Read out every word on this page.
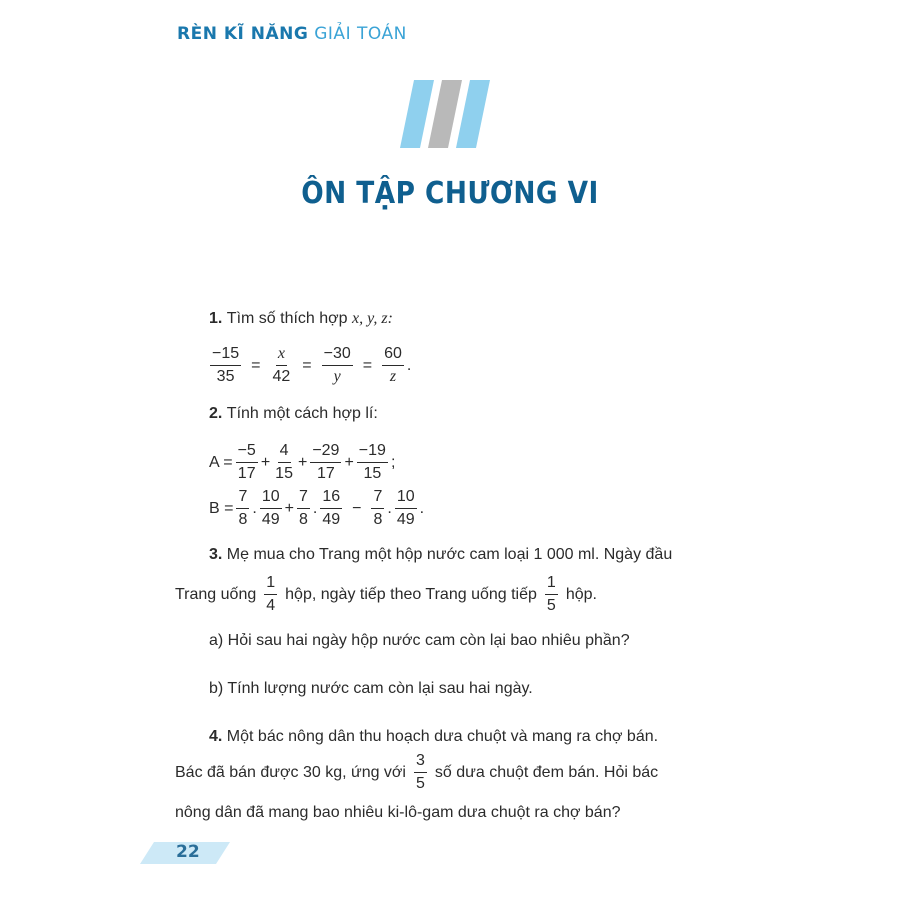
RÈN KĨ NĂNG GIẢI TOÁN
ÔN TẬP CHƯƠNG VI
1.
Tìm số thích hợp
x, y, z:
$\frac{-15}{35} = \frac{x}{42} = \frac{-30}{y} = \frac{60}{z}$ .
2.
Tính một cách hợp lí:
$A = \frac{-5}{17} + \frac{4}{15} + \frac{-29}{17} + \frac{-19}{15}$ ;
$B = \frac{7}{8}$ . $\frac{10}{49} + \frac{7}{8}$ . $\frac{16}{49} - \frac{7}{8}$ . $\frac{10}{49}$ .
3.
Mẹ mua cho Trang một hộp nước cam loại 1 000 ml. Ngày đầu
Trang uống $\frac{1}{4}$ hộp, ngày tiếp theo Trang uống tiếp $\frac{1}{5}$ hộp.
a) Hỏi sau hai ngày hộp nước cam còn lại bao nhiêu phần?
b) Tính lượng nước cam còn lại sau hai ngày.
4.
Một bác nông dân thu hoạch dưa chuột và mang ra chợ bán.
Bác đã bán được 30 kg, ứng với $\frac{3}{5}$ số dưa chuột đem bán. Hỏi bác
nông dân đã mang bao nhiêu ki-lô-gam dưa chuột ra chợ bán?
22
